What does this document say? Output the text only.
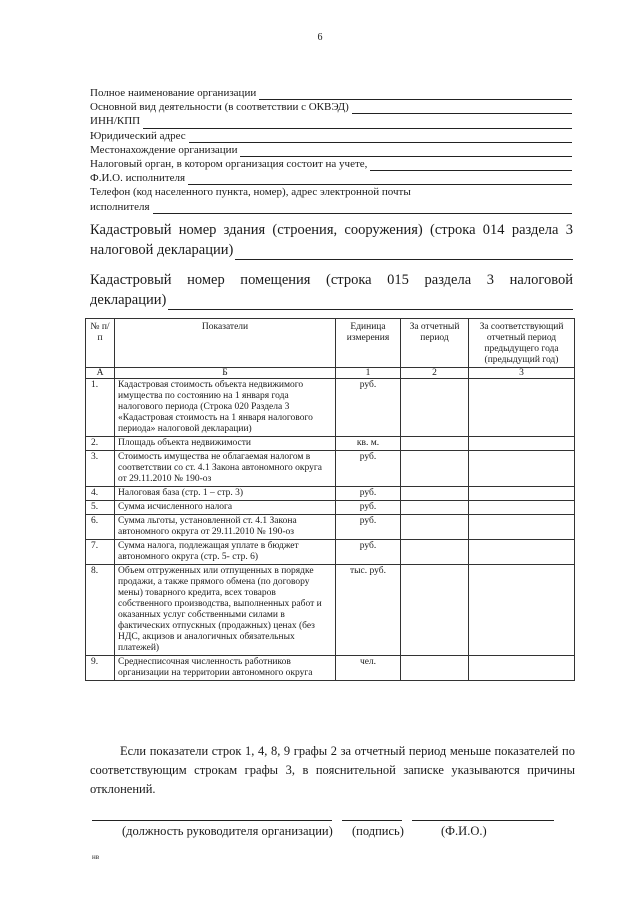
6
Полное наименование организации
Основной вид деятельности (в соответствии с ОКВЭД)
ИНН/КПП
Юридический адрес
Местонахождение организации
Налоговый орган, в котором организация состоит на учете,
Ф.И.О. исполнителя
Телефон (код населенного пункта, номер), адрес электронной почты
исполнителя
Кадастровый номер здания (строения, сооружения) (строка 014 раздела 3
налоговой декларации)
Кадастровый номер помещения (строка 015 раздела 3 налоговой
декларации)
№ п/п	Показатели	Единица измерения	За отчетный период	За соответствующий отчетный период предыдущего года (предыдущий год)
А	Б	1	2	3
1.	Кадастровая стоимость объекта недвижимого имущества по состоянию на 1 января года налогового периода (Строка 020 Раздела 3 «Кадастровая стоимость на 1 января налогового периода» налоговой декларации)	руб.		
2.	Площадь объекта недвижимости	кв. м.		
3.	Стоимость имущества не облагаемая налогом в соответствии со ст. 4.1 Закона автономного округа от 29.11.2010 № 190-оз	руб.		
4.	Налоговая база (стр. 1 – стр. 3)	руб.		
5.	Сумма исчисленного налога	руб.		
6.	Сумма льготы, установленной ст. 4.1 Закона автономного округа от 29.11.2010 № 190-оз	руб.		
7.	Сумма налога, подлежащая уплате в бюджет автономного округа (стр. 5- стр. 6)	руб.		
8.	Объем отгруженных или отпущенных в порядке продажи, а также прямого обмена (по договору мены) товарного кредита, всех товаров собственного производства, выполненных работ и оказанных услуг собственными силами в фактических отпускных (продажных) ценах (без НДС, акцизов и аналогичных обязательных платежей)	тыс. руб.		
9.	Среднесписочная численность работников организации на территории автономного округа	чел.		
Если показатели строк 1, 4, 8, 9 графы 2 за отчетный период меньше показателей по соответствующим строкам графы 3, в пояснительной записке указываются причины отклонений.
(должность руководителя организации) (подпись)	(Ф.И.О.)
нв
